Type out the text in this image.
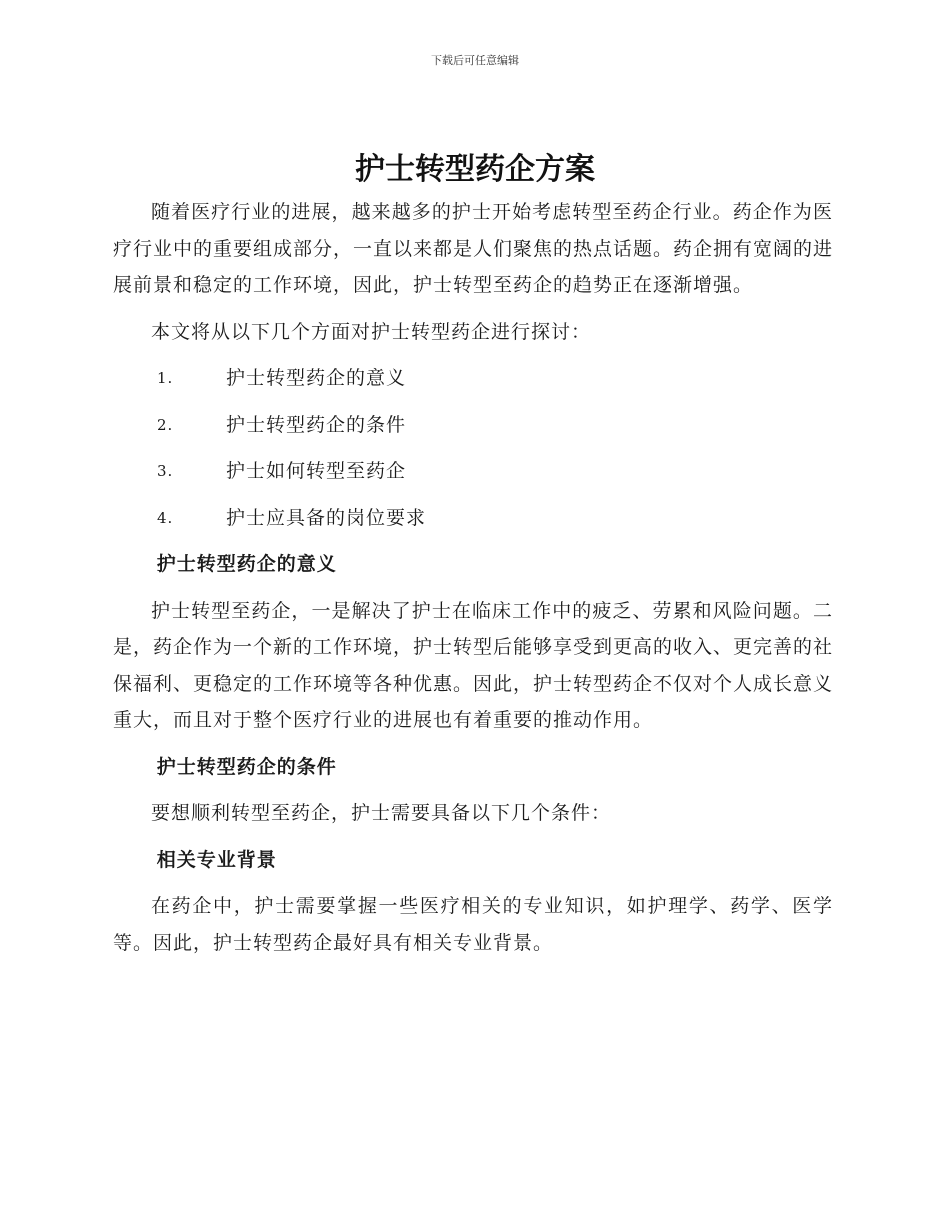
下载后可任意编辑
护士转型药企方案

随着医疗行业的进展，越来越多的护士开始考虑转型至药企行业。药企作为医疗行业中的重要组成部分，一直以来都是人们聚焦的热点话题。药企拥有宽阔的进展前景和稳定的工作环境，因此，护士转型至药企的趋势正在逐渐增强。

本文将从以下几个方面对护士转型药企进行探讨：

1.	护士转型药企的意义
2.	护士转型药企的条件
3.	护士如何转型至药企
4.	护士应具备的岗位要求
护士转型药企的意义

护士转型至药企，一是解决了护士在临床工作中的疲乏、劳累和风险问题。二是，药企作为一个新的工作环境，护士转型后能够享受到更高的收入、更完善的社保福利、更稳定的工作环境等各种优惠。因此，护士转型药企不仅对个人成长意义重大，而且对于整个医疗行业的进展也有着重要的推动作用。

护士转型药企的条件

要想顺利转型至药企，护士需要具备以下几个条件：

相关专业背景

在药企中，护士需要掌握一些医疗相关的专业知识，如护理学、药学、医学等。因此，护士转型药企最好具有相关专业背景。
